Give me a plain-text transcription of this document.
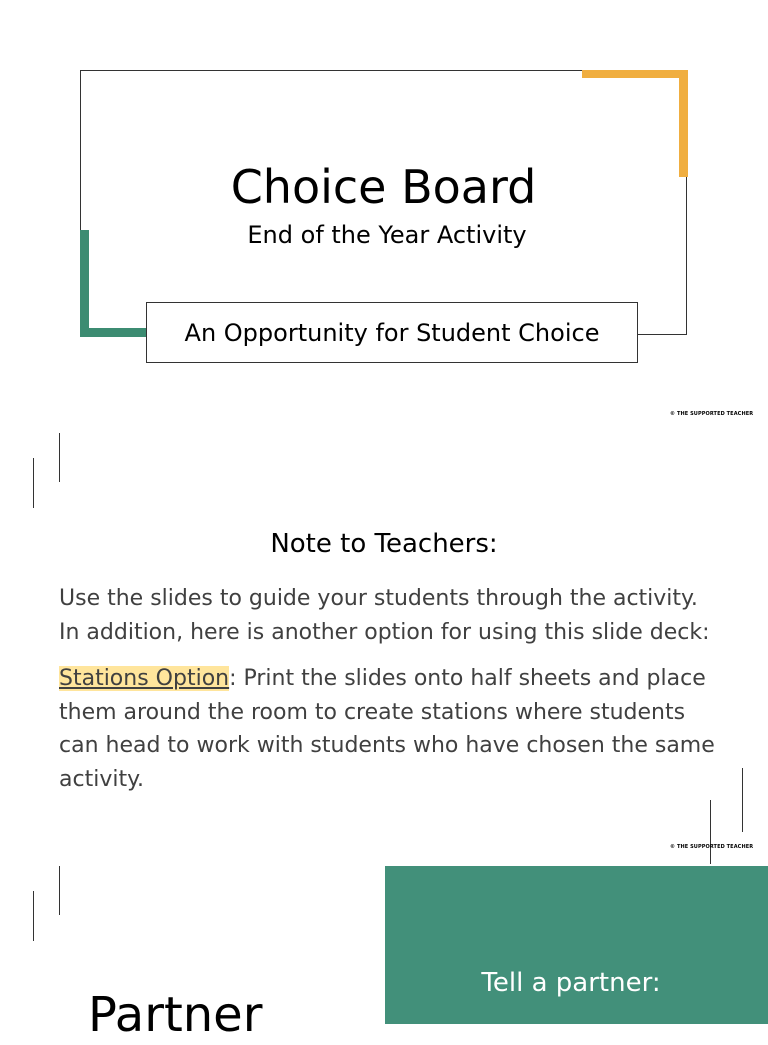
Choice Board
End of the Year Activity
An Opportunity for Student Choice
© THE SUPPORTED TEACHER
Note to Teachers:

Use the slides to guide your students through the activity. In addition, here is another option for using this slide deck:

Stations Option: Print the slides onto half sheets and place them around the room to create stations where students can head to work with students who have chosen the same activity.

© THE SUPPORTED TEACHER
Tell a partner:
Partner
